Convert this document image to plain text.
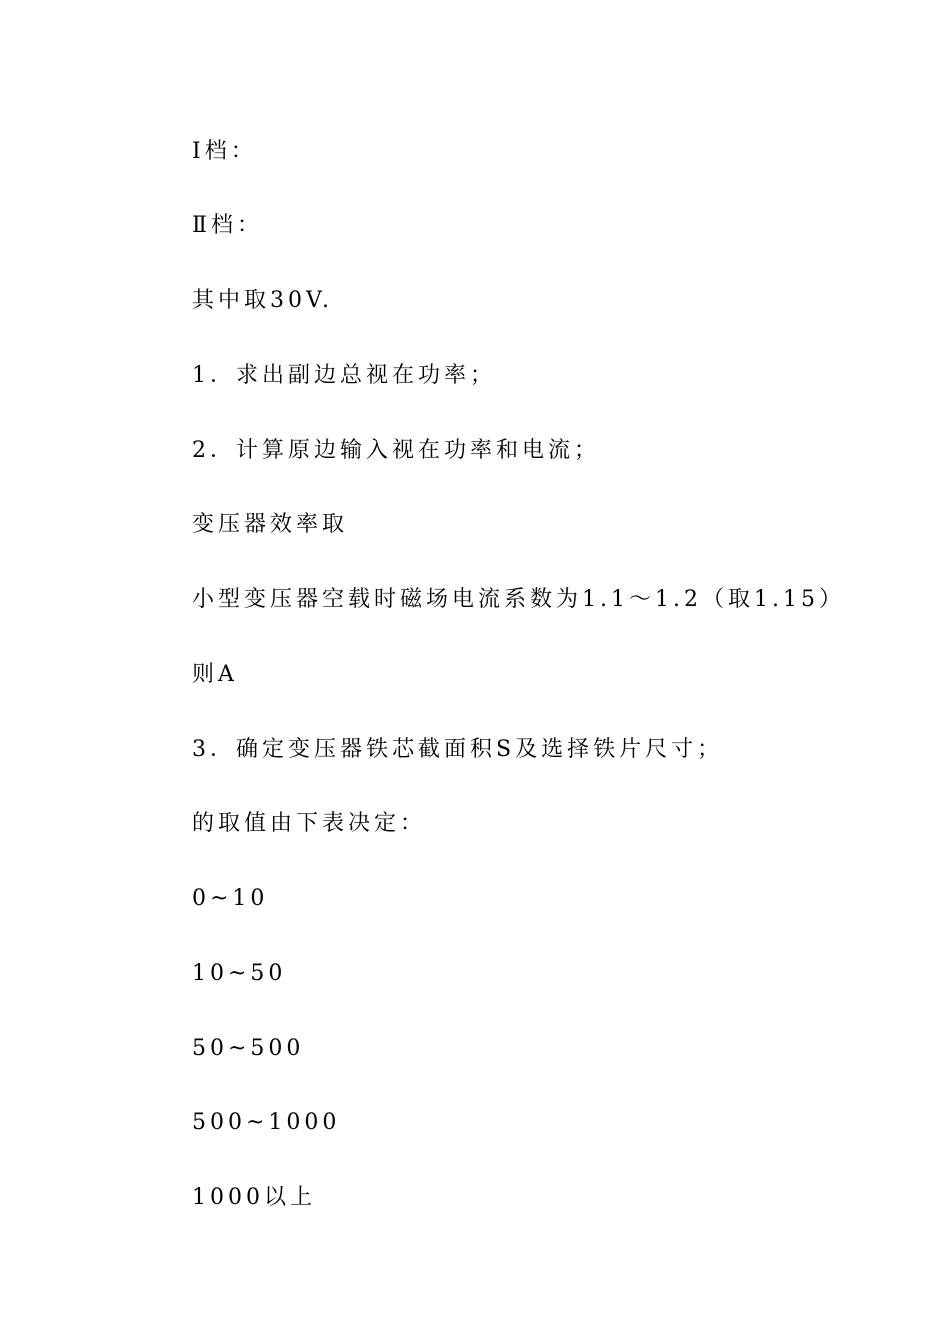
Ⅰ档：
Ⅱ档：
其中取30V.
1．求出副边总视在功率；
2．计算原边输入视在功率和电流；
变压器效率取
小型变压器空载时磁场电流系数为1.1～1.2（取1.15）
则A
3．确定变压器铁芯截面积S及选择铁片尺寸；
的取值由下表决定：
0~10
10~50
50~500
500~1000
1000以上
